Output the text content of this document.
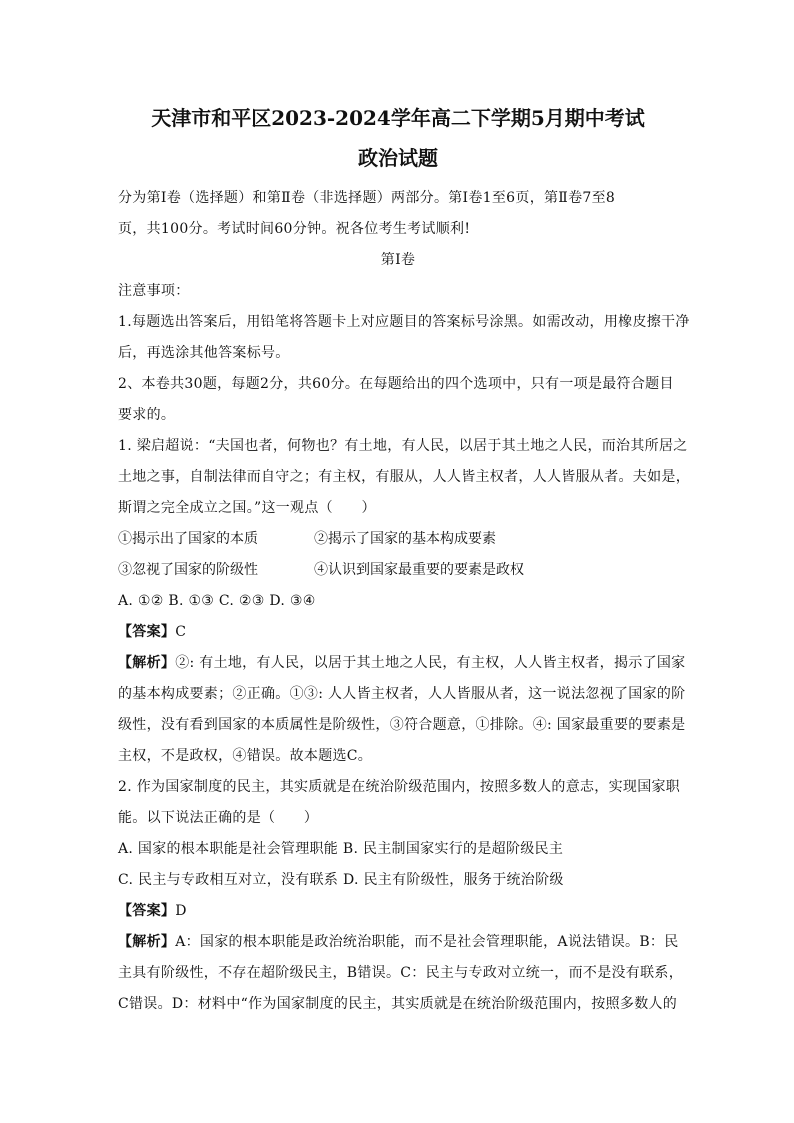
天津市和平区2023-2024学年高二下学期5月期中考试
政治试题
分为第Ⅰ卷（选择题）和第Ⅱ卷（非选择题）两部分。第Ⅰ卷1至6页，第Ⅱ卷7至8
页，共100分。考试时间60分钟。祝各位考生考试顺利!
第Ⅰ卷
注意事项：
1.每题选出答案后，用铅笔将答题卡上对应题目的答案标号涂黑。如需改动，用橡皮擦干净
后，再选涂其他答案标号。
2、本卷共30题，每题2分，共60分。在每题给出的四个选项中，只有一项是最符合题目
要求的。
1. 梁启超说：“夫国也者，何物也？有土地，有人民，以居于其土地之人民，而治其所居之
土地之事，自制法律而自守之；有主权，有服从，人人皆主权者，人人皆服从者。夫如是，
斯谓之完全成立之国。”这一观点（　　）
①揭示出了国家的本质	②揭示了国家的基本构成要素
③忽视了国家的阶级性	④认识到国家最重要的要素是政权
A. ①② B. ①③ C. ②③ D. ③④
【答案】C
【解析】②: 有土地，有人民，以居于其土地之人民，有主权，人人皆主权者，揭示了国家
的基本构成要素；②正确。①③: 人人皆主权者，人人皆服从者，这一说法忽视了国家的阶
级性，没有看到国家的本质属性是阶级性，③符合题意，①排除。④: 国家最重要的要素是
主权，不是政权，④错误。故本题选C。
2. 作为国家制度的民主，其实质就是在统治阶级范围内，按照多数人的意志，实现国家职
能。以下说法正确的是（　　）
A. 国家的根本职能是社会管理职能 B. 民主制国家实行的是超阶级民主
C. 民主与专政相互对立，没有联系 D. 民主有阶级性，服务于统治阶级
【答案】D
【解析】A：国家的根本职能是政治统治职能，而不是社会管理职能，A说法错误。B：民
主具有阶级性，不存在超阶级民主，B错误。C：民主与专政对立统一，而不是没有联系，
C错误。D：材料中“作为国家制度的民主，其实质就是在统治阶级范围内，按照多数人的
